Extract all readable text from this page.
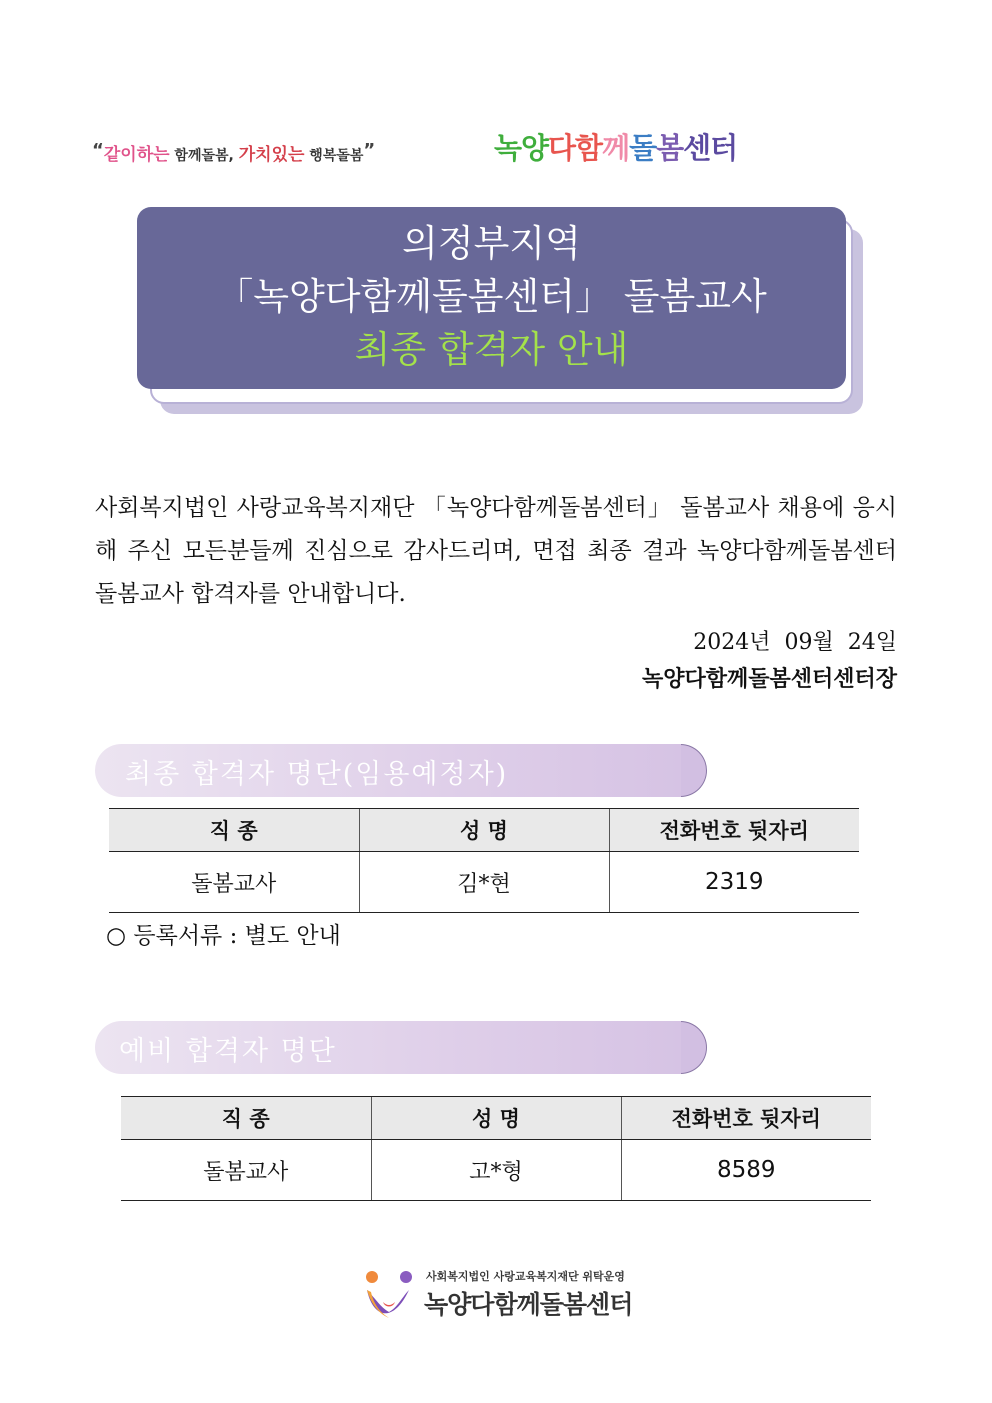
“같이하는 함께돌봄, 가치있는 행복돌봄”	녹양다함께돌봄센터
의정부지역
「녹양다함께돌봄센터」 돌봄교사
최종 합격자 안내
사회복지법인 사랑교육복지재단 「녹양다함께돌봄센터」 돌봄교사 채용에 응시해 주신 모든분들께 진심으로 감사드리며, 면접 최종 결과 녹양다함께돌봄센터 돌봄교사 합격자를 안내합니다.
2024년  09월  24일
녹양다함께돌봄센터센터장
최종 합격자 명단(임용예정자)
직 종	성 명	전화번호 뒷자리
돌봄교사	김*현	2319
○ 등록서류 : 별도 안내
예비 합격자 명단
직 종	성 명	전화번호 뒷자리
돌봄교사	고*형	8589
사회복지법인 사랑교육복지재단 위탁운영
녹양다함께돌봄센터
